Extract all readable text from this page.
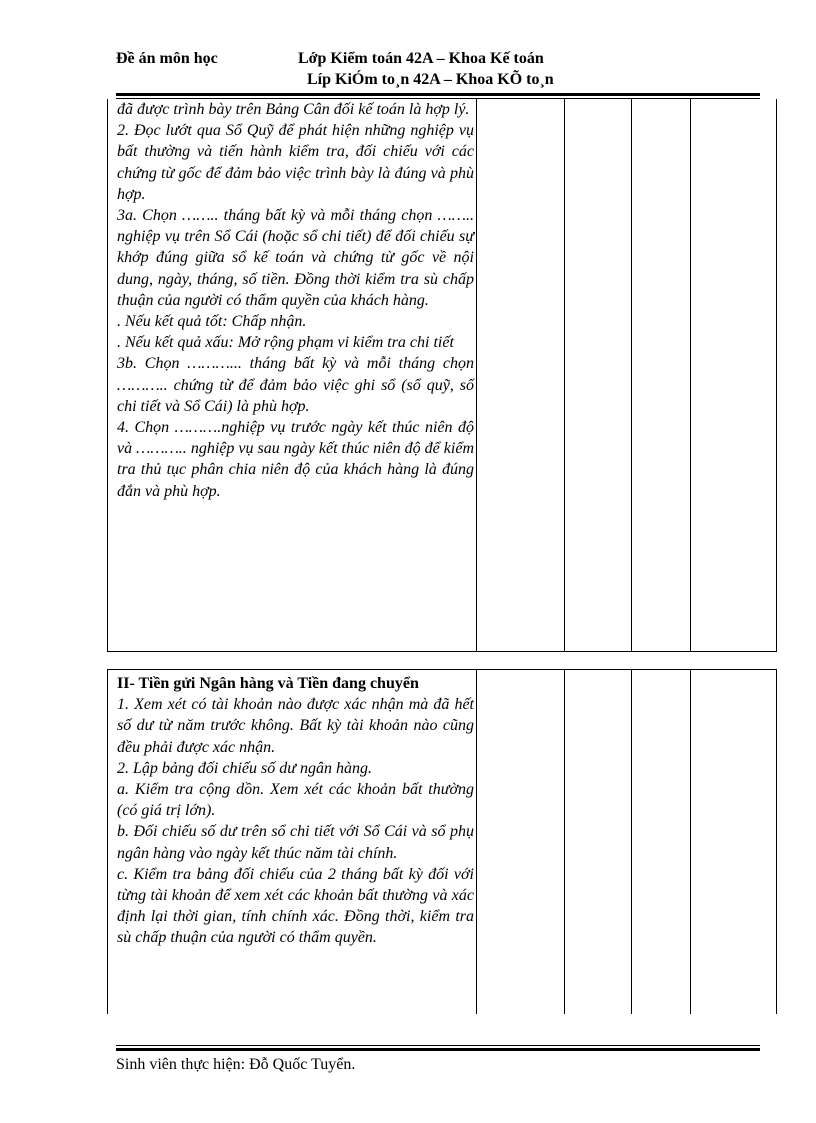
Đề án môn học	Lớp Kiểm toán 42A – Khoa Kế toán
Líp KiÓm to¸n 42A – Khoa KÕ to¸n

đã được trình bày trên Bảng Cân đối kế toán là hợp lý.

2. Đọc lướt qua Sổ Quỹ để phát hiện những nghiệp vụ bất thường và tiến hành kiểm tra, đối chiếu với các chứng từ gốc để đảm bảo việc trình bày là đúng và phù hợp.

3a. Chọn …….. tháng bất kỳ và mỗi tháng chọn …….. nghiệp vụ trên Sổ Cái (hoặc sổ chi tiết) để đối chiếu sự khớp đúng giữa sổ kế toán và chứng từ gốc về nội dung, ngày, tháng, số tiền. Đồng thời kiểm tra sù chấp thuận của người có thẩm quyền của khách hàng.

. Nếu kết quả tốt: Chấp nhận.

. Nếu kết quả xấu: Mở rộng phạm vi kiểm tra chi tiết

3b. Chọn ………... tháng bất kỳ và mỗi tháng chọn ……….. chứng từ để đảm bảo việc ghi sổ (sổ quỹ, sổ chi tiết và Sổ Cái) là phù hợp.

4. Chọn ……….nghiệp vụ trước ngày kết thúc niên độ và ……….. nghiệp vụ sau ngày kết thúc niên độ để kiểm tra thủ tục phân chia niên độ của khách hàng là đúng đắn và phù hợp.

II- Tiền gửi Ngân hàng và Tiền đang chuyển

1. Xem xét có tài khoản nào được xác nhận mà đã hết số dư từ năm trước không. Bất kỳ tài khoản nào cũng đều phải được xác nhận.

2. Lập bảng đối chiếu số dư ngân hàng.

a. Kiểm tra cộng dồn. Xem xét các khoản bất thường (có giá trị lớn).

b. Đối chiếu số dư trên sổ chi tiết với Sổ Cái và sổ phụ ngân hàng vào ngày kết thúc năm tài chính.

c. Kiểm tra bảng đối chiếu của 2 tháng bất kỳ đối với từng tài khoản để xem xét các khoản bất thường và xác định lại thời gian, tính chính xác. Đồng thời, kiểm tra sù chấp thuận của người có thẩm quyền.

Sinh viên thực hiện: Đỗ Quốc Tuyển.
